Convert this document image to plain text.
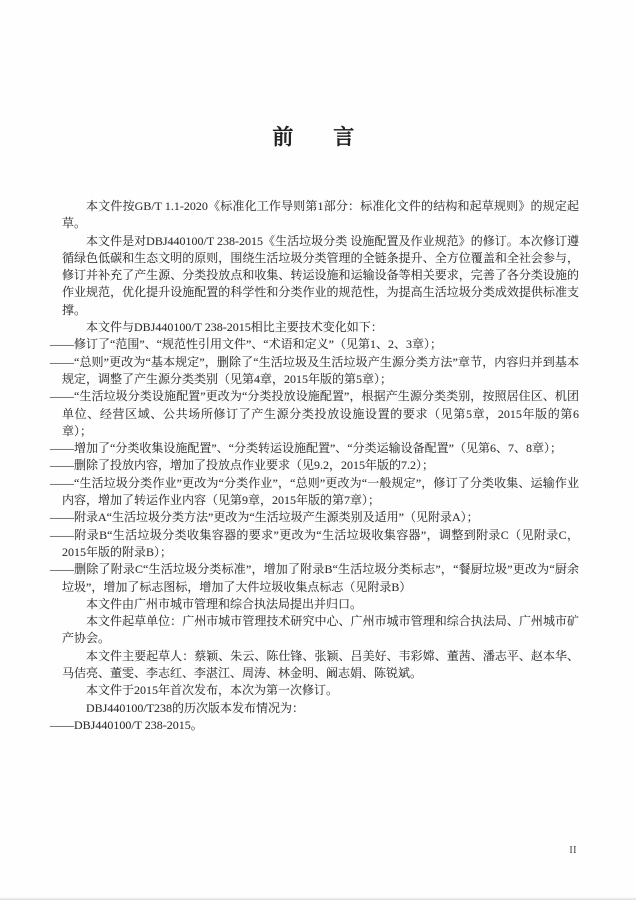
前　言

本文件按GB/T 1.1-2020《标准化工作导则第1部分：标准化文件的结构和起草规则》的规定起草。

本文件是对DBJ440100/T 238-2015《生活垃圾分类 设施配置及作业规范》的修订。本次修订遵循绿色低碳和生态文明的原则，围绕生活垃圾分类管理的全链条提升、全方位覆盖和全社会参与，修订并补充了产生源、分类投放点和收集、转运设施和运输设备等相关要求，完善了各分类设施的作业规范，优化提升设施配置的科学性和分类作业的规范性，为提高生活垃圾分类成效提供标准支撑。

本文件与DBJ440100/T 238-2015相比主要技术变化如下：

——修订了“范围”、“规范性引用文件”、“术语和定义”（见第1、2、3章）；

——“总则”更改为“基本规定”，删除了“生活垃圾及生活垃圾产生源分类方法”章节，内容归并到基本规定，调整了产生源分类类别（见第4章，2015年版的第5章）；

——“生活垃圾分类设施配置”更改为“分类投放设施配置”，根据产生源分类类别，按照居住区、机团单位、经营区域、公共场所修订了产生源分类投放设施设置的要求（见第5章，2015年版的第6章）；

——增加了“分类收集设施配置”、“分类转运设施配置”、“分类运输设备配置”（见第6、7、8章）；

——删除了投放内容，增加了投放点作业要求（见9.2，2015年版的7.2）；

——“生活垃圾分类作业”更改为“分类作业”，“总则”更改为“一般规定”，修订了分类收集、运输作业内容，增加了转运作业内容（见第9章，2015年版的第7章）；

——附录A“生活垃圾分类方法”更改为“生活垃圾产生源类别及适用”（见附录A）；

——附录B“生活垃圾分类收集容器的要求”更改为“生活垃圾收集容器”，调整到附录C（见附录C，2015年版的附录B）；

——删除了附录C“生活垃圾分类标准”，增加了附录B“生活垃圾分类标志”，“餐厨垃圾”更改为“厨余垃圾”，增加了标志图标，增加了大件垃圾收集点标志（见附录B）

本文件由广州市城市管理和综合执法局提出并归口。

本文件起草单位：广州市城市管理技术研究中心、广州市城市管理和综合执法局、广州城市矿产协会。

本文件主要起草人：蔡颖、朱云、陈仕锋、张颖、吕美好、韦彩嫦、董茜、潘志平、赵本华、马佶亮、董雯、李志红、李湛江、周涛、林金明、阚志娟、陈锐斌。

本文件于2015年首次发布，本次为第一次修订。

DBJ440100/T238的历次版本发布情况为：

——DBJ440100/T 238-2015。

II
